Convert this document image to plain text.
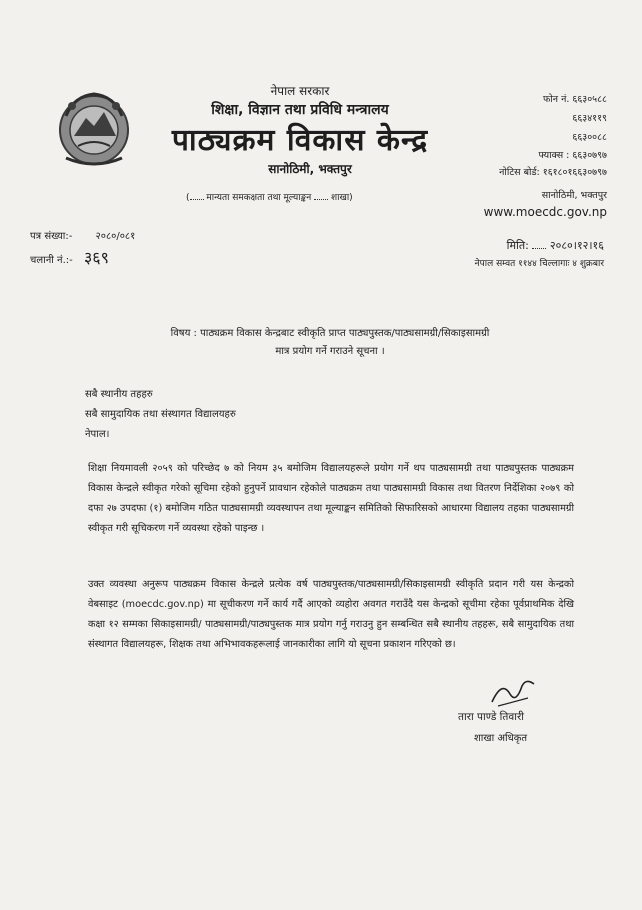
नेपाल सरकार
शिक्षा, विज्ञान तथा प्रविधि मन्त्रालय
पाठ्यक्रम विकास केन्द्र
सानोठिमी, भक्तपुर
( मान्यता समकक्षता तथा मूल्याङ्कन शाखा)
फोन नं. ६६३०५८८
६६३४११९
६६३००८८
फ्याक्स : ६६३०७९७
नोटिस बोर्ड: १६१८०१६६३०७९७
सानोठिमी, भक्तपुर
www.moecdc.gov.np
पत्र संख्या:- २०८०/०८१
चलानी नं.:- ३६९
मिति: २०८०।१२।१६
नेपाल सम्वत ११४४ चिल्लागाः ४ शुक्रबार
विषय : पाठ्यक्रम विकास केन्द्रबाट स्वीकृति प्राप्त पाठ्यपुस्तक/पाठ्यसामग्री/सिकाइसामग्री
मात्र प्रयोग गर्ने गराउने सूचना ।
सबै स्थानीय तहहरु
सबै सामुदायिक तथा संस्थागत विद्यालयहरु
नेपाल।
शिक्षा नियमावली २०५९ को परिच्छेद ७ को नियम ३५ बमोजिम विद्यालयहरूले प्रयोग गर्ने थप पाठ्यसामग्री तथा पाठ्यपुस्तक पाठ्यक्रम विकास केन्द्रले स्वीकृत गरेको सूचिमा रहेको हुनुपर्ने प्रावधान रहेकोले पाठ्यक्रम तथा पाठ्यसामग्री विकास तथा वितरण निर्देशिका २०७९ को दफा २७ उपदफा (१) बमोजिम गठित पाठ्यसामग्री व्यवस्थापन तथा मूल्याङ्कन समितिको सिफारिसको आधारमा विद्यालय तहका पाठ्यसामग्री स्वीकृत गरी सूचिकरण गर्ने व्यवस्था रहेको पाइन्छ ।
उक्त व्यवस्था अनुरूप पाठ्यक्रम विकास केन्द्रले प्रत्येक वर्ष पाठ्यपुस्तक/पाठ्यसामग्री/सिकाइसामग्री स्वीकृति प्रदान गरी यस केन्द्रको वेबसाइट (moecdc.gov.np) मा सूचीकरण गर्ने कार्य गर्दै आएको व्यहोरा अवगत गराउँदै यस केन्द्रको सूचीमा रहेका पूर्वप्राथमिक देखि कक्षा १२ सम्मका सिकाइसामग्री/ पाठ्यसामग्री/पाठ्यपुस्तक मात्र प्रयोग गर्नु गराउनु हुन सम्बन्धित सबै स्थानीय तहहरू, सबै सामुदायिक तथा संस्थागत विद्यालयहरू, शिक्षक तथा अभिभावकहरूलाई जानकारीका लागि यो सूचना प्रकाशन गरिएको छ।
तारा पाण्डे तिवारी
शाखा अधिकृत
